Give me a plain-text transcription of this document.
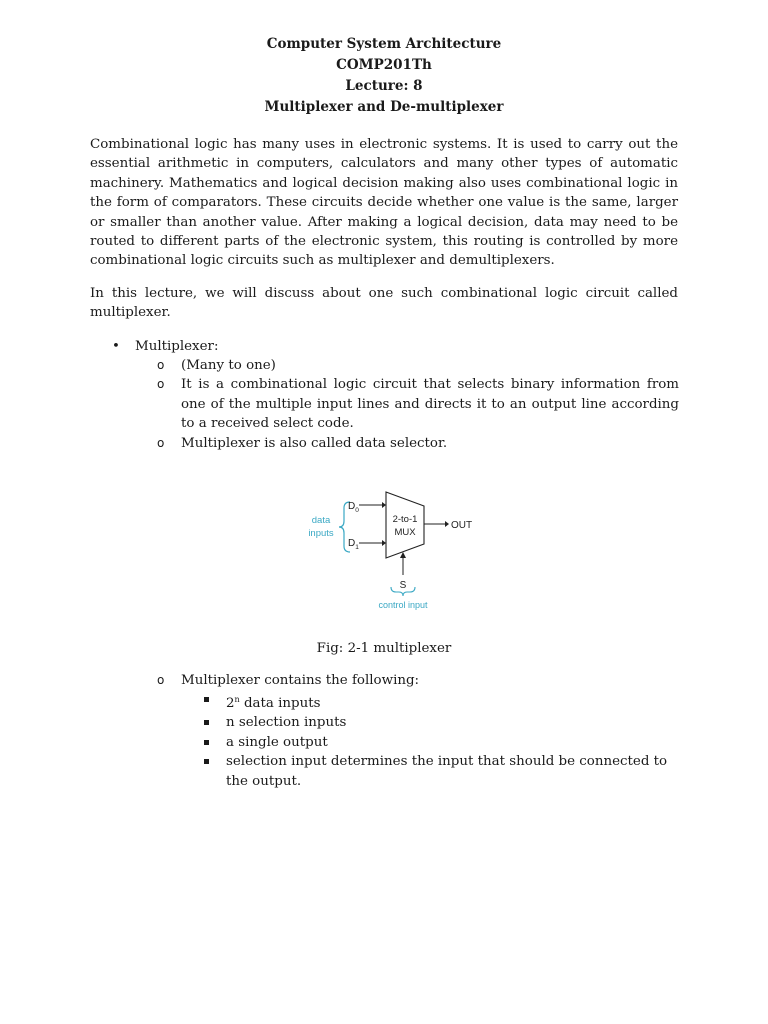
Computer System Architecture
COMP201Th
Lecture: 8
Multiplexer and De-multiplexer
Combinational logic has many uses in electronic systems. It is used to carry out the essential arithmetic in computers, calculators and many other types of automatic machinery. Mathematics and logical decision making also uses combinational logic in the form of comparators. These circuits decide whether one value is the same, larger or smaller than another value. After making a logical decision, data may need to be routed to different parts of the electronic system, this routing is controlled by more combinational logic circuits such as multiplexer and demultiplexers.
In this lecture, we will discuss about one such combinational logic circuit called multiplexer.
•	Multiplexer:
o (Many to one)
o It is a combinational logic circuit that selects binary information from one of the multiple input lines and directs it to an output line according to a received select code.
o Multiplexer is also called data selector.
data
inputs
$D_0$
$D_1$
2-to-1
MUX
OUT
S
control input
Fig: 2-1 multiplexer
o Multiplexer contains the following:
2$^n$ data inputs
n selection inputs
a single output
selection input determines the input that should be connected to the output.
